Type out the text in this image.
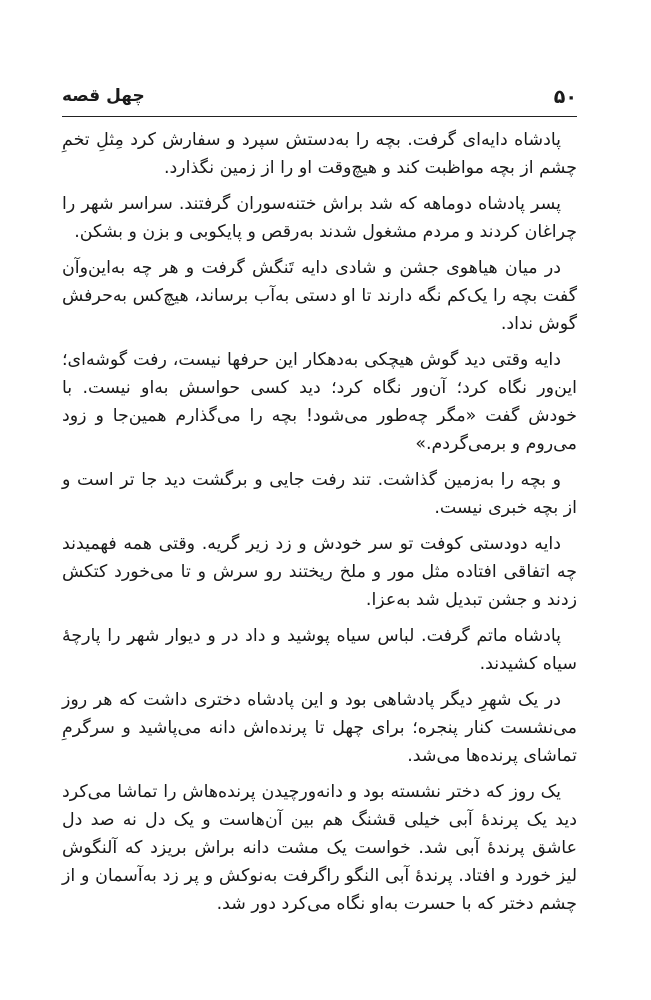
۵۰
چهل قصه

پادشاه دایه‌ای گرفت. بچه را به‌دستش سپرد و سفارش کرد مِثلِ تخمِ چشم از بچه مواظبت کند و هیچ‌وقت او را از زمین نگذارد.

پسر پادشاه دوماهه که شد براش ختنه‌سوران گرفتند. سراسر شهر را چراغان کردند و مردم مشغول شدند به‌رقص و پایکوبی و بزن و بشکن.

در میان هیاهوی جشن و شادی دایه تَنگش گرفت و هر چه به‌این‌وآن گفت بچه را یک‌کم نگه دارند تا او دستی به‌آب برساند، هیچ‌کس به‌حرفش گوش نداد.

دایه وقتی دید گوش هیچکی به‌دهکار این حرفها نیست، رفت گوشه‌ای؛ این‌ور نگاه کرد؛ آن‌ور نگاه کرد؛ دید کسی حواسش به‌او نیست. با خودش گفت «مگر چه‌طور می‌شود! بچه را می‌گذارم همین‌جا و زود می‌روم و برمی‌گردم.»

و بچه را به‌زمین گذاشت. تند رفت جایی و برگشت دید جا تر است و از بچه خبری نیست.

دایه دودستی کوفت تو سر خودش و زد زیر گریه. وقتی همه فهمیدند چه اتفاقی افتاده مثل مور و ملخ ریختند رو سرش و تا می‌خورد کتکش زدند و جشن تبدیل شد به‌عزا.

پادشاه ماتم گرفت. لباس سیاه پوشید و داد در و دیوار شهر را پارچهٔ سیاه کشیدند.

در یک شهرِ دیگر پادشاهی بود و این پادشاه دختری داشت که هر روز می‌نشست کنار پنجره؛ برای چهل تا پرنده‌اش دانه می‌پاشید و سرگرمِ تماشای پرنده‌ها می‌شد.

یک روز که دختر نشسته بود و دانه‌ورچیدن پرنده‌هاش را تماشا می‌کرد دید یک پرندهٔ آبی خیلی قشنگ هم بین آن‌هاست و یک دل نه صد دل عاشق پرندهٔ آبی شد. خواست یک مشت دانه براش بریزد که آلنگوش لیز خورد و افتاد. پرندهٔ آبی النگو راگرفت به‌نوکش و پر زد به‌آسمان و از چشم دختر که با حسرت به‌او نگاه می‌کرد دور شد.
